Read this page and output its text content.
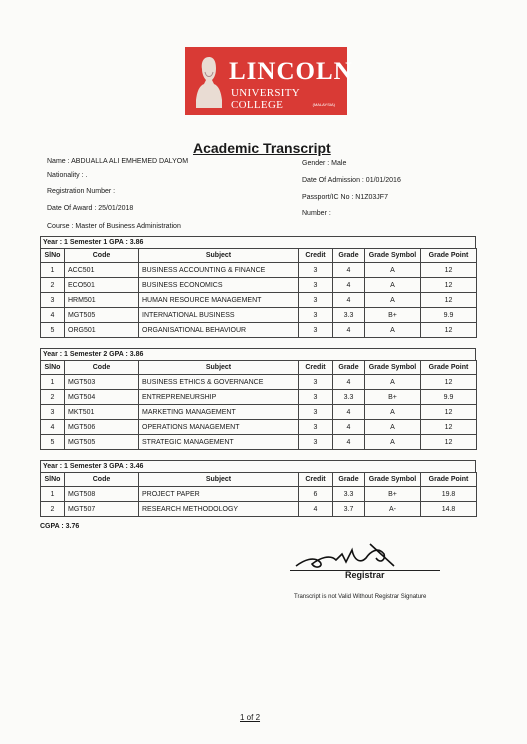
LINCOLN
UNIVERSITY COLLEGE	(MALAYSIA)
Academic Transcript
Name : ABDUALLA ALI EMHEMED DALYOM
Nationality : .
Registration Number :
Date Of Award : 25/01/2018
Course : Master of Business Administration
Gender : Male
Date Of Admission : 01/01/2016
Passport/IC No : N1Z03JF7
Number :
Year : 1 Semester 1 GPA : 3.86
SlNo	Code	Subject	Credit	Grade	Grade Symbol	Grade Point
1	ACC501	BUSINESS ACCOUNTING & FINANCE	3	4	A	12
2	ECO501	BUSINESS ECONOMICS	3	4	A	12
3	HRM501	HUMAN RESOURCE MANAGEMENT	3	4	A	12
4	MGT505	INTERNATIONAL BUSINESS	3	3.3	B+	9.9
5	ORG501	ORGANISATIONAL BEHAVIOUR	3	4	A	12
Year : 1 Semester 2 GPA : 3.86
SlNo	Code	Subject	Credit	Grade	Grade Symbol	Grade Point
1	MGT503	BUSINESS ETHICS & GOVERNANCE	3	4	A	12
2	MGT504	ENTREPRENEURSHIP	3	3.3	B+	9.9
3	MKT501	MARKETING MANAGEMENT	3	4	A	12
4	MGT506	OPERATIONS MANAGEMENT	3	4	A	12
5	MGT505	STRATEGIC MANAGEMENT	3	4	A	12
Year : 1 Semester 3 GPA : 3.46
SlNo	Code	Subject	Credit	Grade	Grade Symbol	Grade Point
1	MGT508	PROJECT PAPER	6	3.3	B+	19.8
2	MGT507	RESEARCH METHODOLOGY	4	3.7	A-	14.8
CGPA : 3.76
Registrar
Transcript is not Valid Without Registrar Signature
1 of 2
